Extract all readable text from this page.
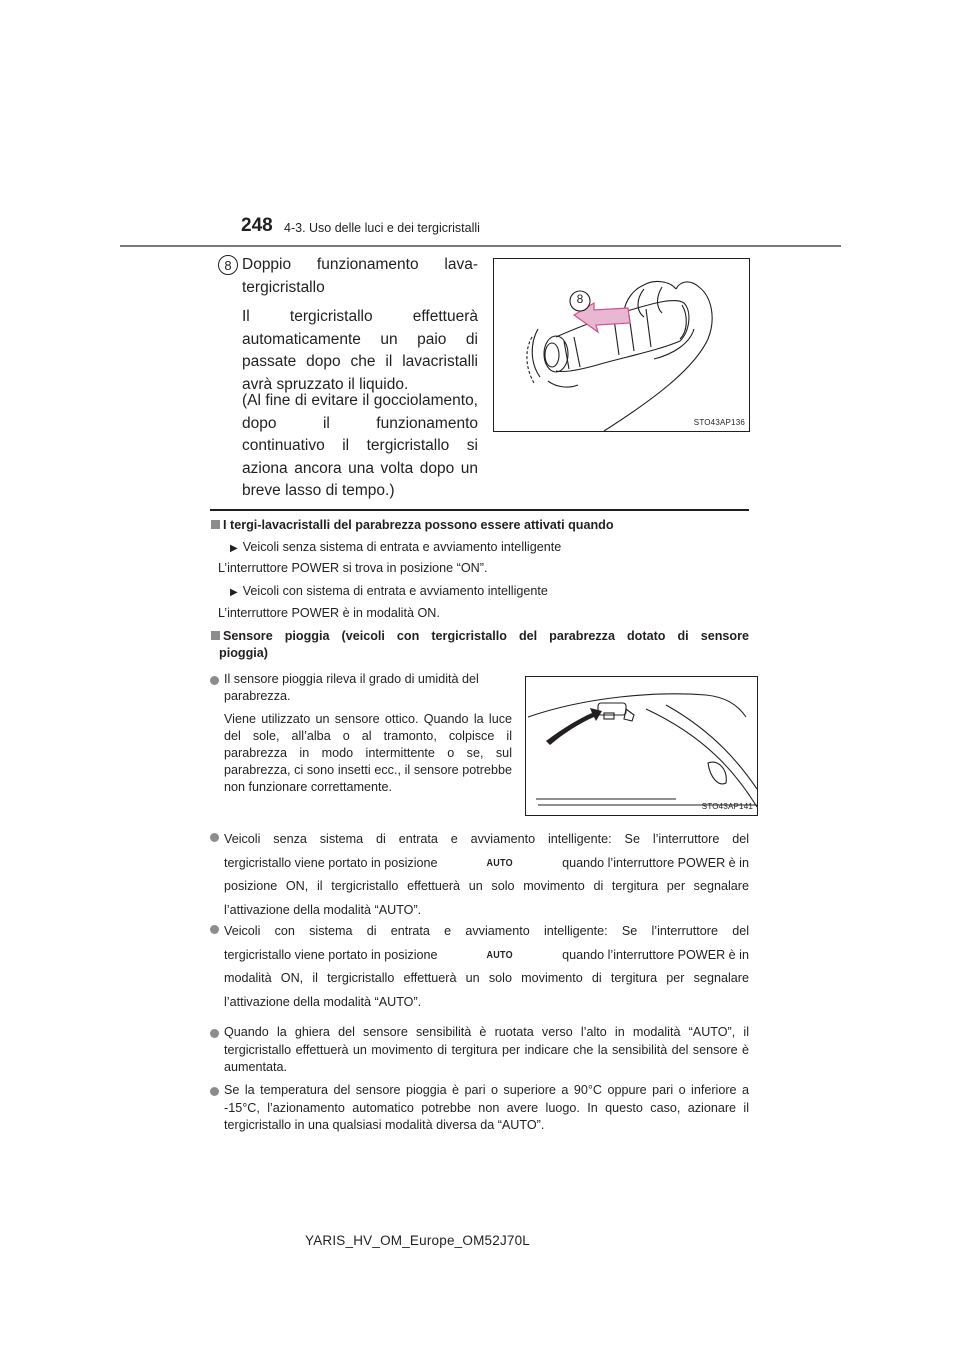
248 4-3. Uso delle luci e dei tergicristalli
8 Doppio funzionamento lava-tergicristallo
Il tergicristallo effettuerà automaticamente un paio di passate dopo che il lavacristalli avrà spruzzato il liquido.
(Al fine di evitare il gocciolamento, dopo il funzionamento continuativo il tergicristallo si aziona ancora una volta dopo un breve lasso di tempo.)
8
STO43AP136
I tergi-lavacristalli del parabrezza possono essere attivati quando
▶ Veicoli senza sistema di entrata e avviamento intelligente
L’interruttore POWER si trova in posizione “ON”.
▶ Veicoli con sistema di entrata e avviamento intelligente
L’interruttore POWER è in modalità ON.
Sensore pioggia (veicoli con tergicristallo del parabrezza dotato di sensore
pioggia)
Il sensore pioggia rileva il grado di umidità del
parabrezza.
Viene utilizzato un sensore ottico. Quando la luce del sole, all’alba o al tramonto, colpisce il parabrezza in modo intermittente o se, sul parabrezza, ci sono insetti ecc., il sensore potrebbe non funzionare correttamente.
STO43AP141
Veicoli senza sistema di entrata e avviamento intelligente: Se l’interruttore del
tergicristallo viene portato in posizione	AUTO	quando l’interruttore POWER è in
posizione ON, il tergicristallo effettuerà un solo movimento di tergitura per segnalare
l’attivazione della modalità “AUTO”.
Veicoli con sistema di entrata e avviamento intelligente: Se l’interruttore del
tergicristallo viene portato in posizione	AUTO	quando l’interruttore POWER è in
modalità ON, il tergicristallo effettuerà un solo movimento di tergitura per segnalare
l’attivazione della modalità “AUTO”.
Quando la ghiera del sensore sensibilità è ruotata verso l’alto in modalità “AUTO”, il tergicristallo effettuerà un movimento di tergitura per indicare che la sensibilità del sensore è aumentata.
Se la temperatura del sensore pioggia è pari o superiore a 90°C oppure pari o inferiore a -15°C, l’azionamento automatico potrebbe non avere luogo. In questo caso, azionare il tergicristallo in una qualsiasi modalità diversa da “AUTO”.
YARIS_HV_OM_Europe_OM52J70L
